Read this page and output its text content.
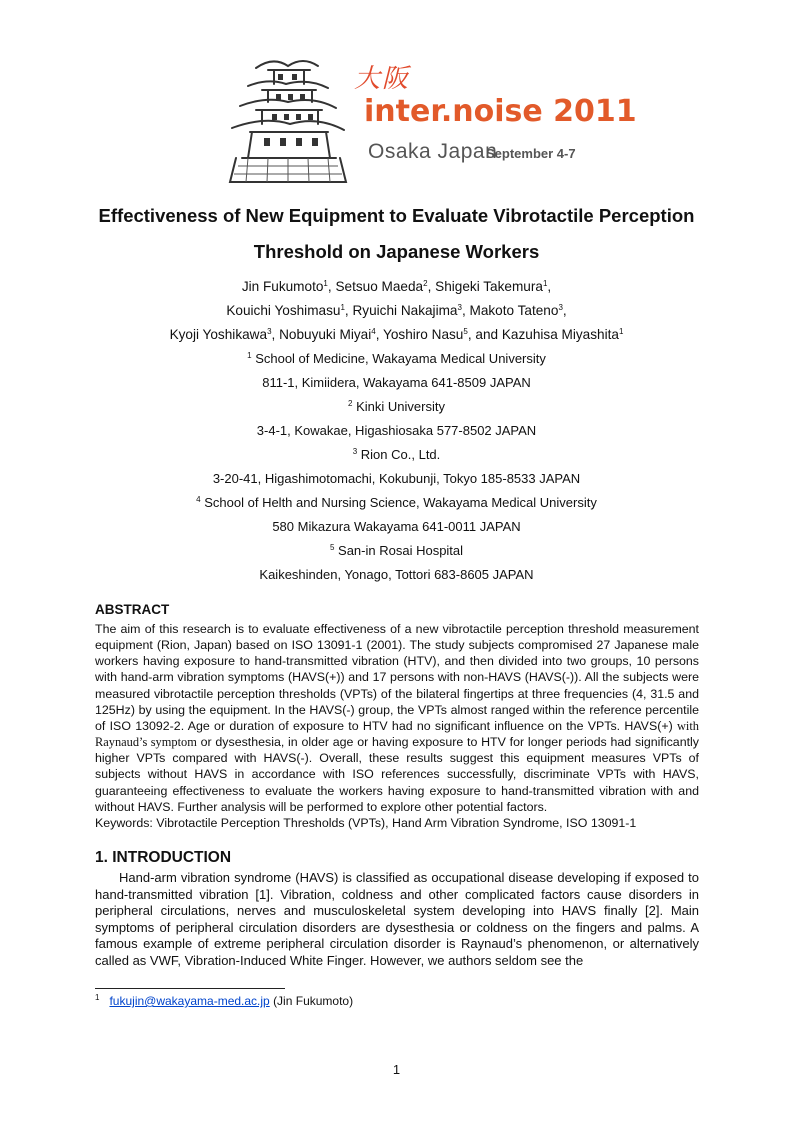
大阪
inter.noise 2011
Osaka Japan
September 4-7
Effectiveness of New Equipment to Evaluate Vibrotactile Perception
Threshold on Japanese Workers
Jin Fukumoto$^1$, Setsuo Maeda$^2$, Shigeki Takemura$^1$,
Kouichi Yoshimasu$^1$, Ryuichi Nakajima$^3$, Makoto Tateno$^3$,
Kyoji Yoshikawa$^3$, Nobuyuki Miyai$^4$, Yoshiro Nasu$^5$, and Kazuhisa Miyashita$^1$
$^1$ School of Medicine, Wakayama Medical University
811-1, Kimiidera, Wakayama 641-8509 JAPAN
$^2$ Kinki University
3-4-1, Kowakae, Higashiosaka 577-8502 JAPAN
$^3$ Rion Co., Ltd.
3-20-41, Higashimotomachi, Kokubunji, Tokyo 185-8533 JAPAN
$^4$ School of Helth and Nursing Science, Wakayama Medical University
580 Mikazura Wakayama 641-0011 JAPAN
$^5$ San-in Rosai Hospital
Kaikeshinden, Yonago, Tottori 683-8605 JAPAN
ABSTRACT

The aim of this research is to evaluate effectiveness of a new vibrotactile perception threshold measurement equipment (Rion, Japan) based on ISO 13091-1 (2001). The study subjects compromised 27 Japanese male workers having exposure to hand-transmitted vibration (HTV), and then divided into two groups, 10 persons with hand-arm vibration symptoms (HAVS(+)) and 17 persons with non-HAVS (HAVS(-)). All the subjects were measured vibrotactile perception thresholds (VPTs) of the bilateral fingertips at three frequencies (4, 31.5 and 125Hz) by using the equipment. In the HAVS(-) group, the VPTs almost ranged within the reference percentile of ISO 13092-2. Age or duration of exposure to HTV had no significant influence on the VPTs. HAVS(+) with Raynaud’s symptom or dysesthesia, in older age or having exposure to HTV for longer periods had significantly higher VPTs compared with HAVS(-). Overall, these results suggest this equipment measures VPTs of subjects without HAVS in accordance with ISO references successfully, discriminate VPTs with HAVS, guaranteeing effectiveness to evaluate the workers having exposure to hand-transmitted vibration with and without HAVS. Further analysis will be performed to explore other potential factors.

Keywords: Vibrotactile Perception Thresholds (VPTs), Hand Arm Vibration Syndrome, ISO 13091-1

1. INTRODUCTION

Hand-arm vibration syndrome (HAVS) is classified as occupational disease developing if exposed to hand-transmitted vibration [1]. Vibration, coldness and other complicated factors cause disorders in peripheral circulations, nerves and musculoskeletal system developing into HAVS finally [2]. Main symptoms of peripheral circulation disorders are dysesthesia or coldness on the fingers and palms. A famous example of extreme peripheral circulation disorder is Raynaud’s phenomenon, or alternatively called as VWF, Vibration-Induced White Finger. However, we authors seldom see the

$^1$ fukujin@wakayama-med.ac.jp (Jin Fukumoto)
1
